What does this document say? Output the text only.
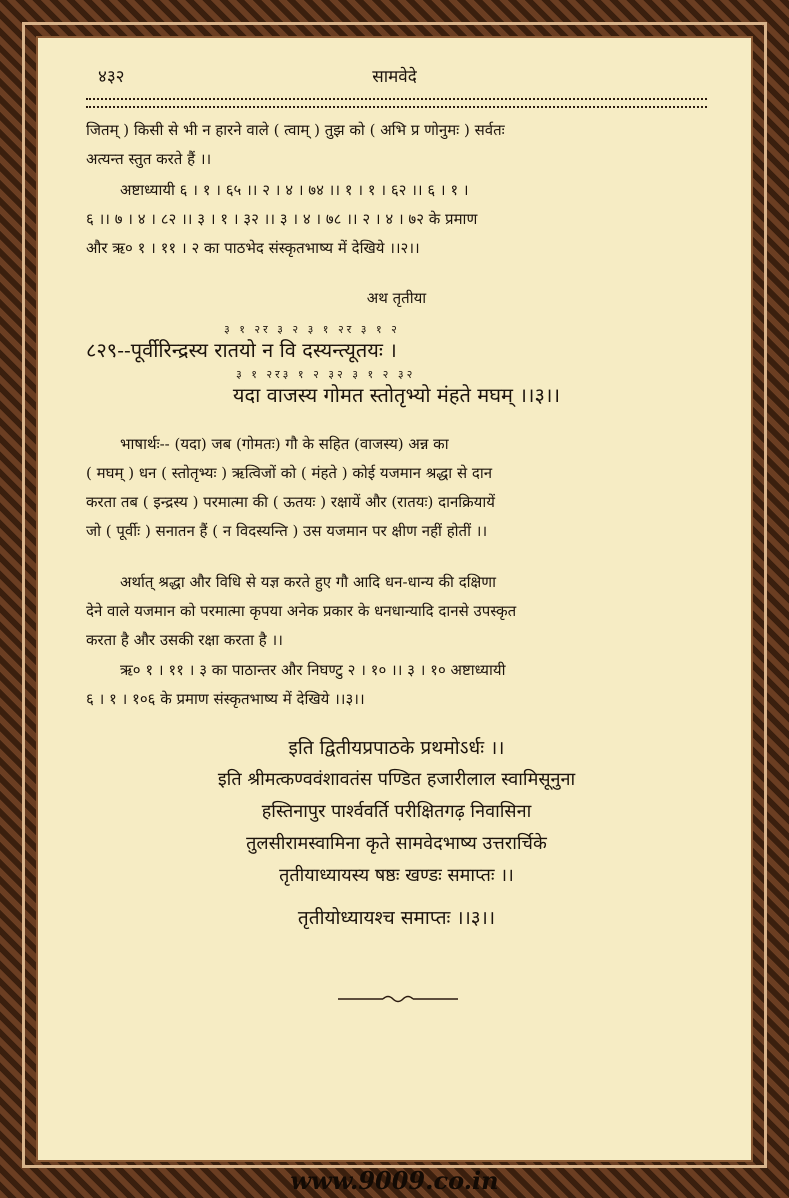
४३२	सामवेदे

जितम् ) किसी से भी न हारने वाले ( त्वाम् ) तुझ को ( अभि प्र णोनुमः ) सर्वतः

अत्यन्त स्तुत करते हैं ।।

अष्टाध्यायी ६ । १ । ६५ ।। २ । ४ । ७४ ।। १ । १ । ६२ ।। ६ । १ ।

६ ।। ७ । ४ । ८२ ।। ३ । १ । ३२ ।। ३ । ४ । ७८ ।। २ । ४ । ७२ के प्रमाण

और ऋ० १ । ११ । २ का पाठभेद संस्कृतभाष्य में देखिये ।।२।।

अथ तृतीया

३ १ २र ३ २ ३ १ २र ३ १ २

८२९--पूर्वीरिन्द्रस्य रातयो न वि दस्यन्त्यूतयः ।

३ १ २र३ १ २ ३२ ३ १ २ ३२

यदा वाजस्य गोमत स्तोतृभ्यो मंहते मघम् ।।३।।

भाषार्थः-- (यदा) जब (गोमतः) गौ के सहित (वाजस्य) अन्न का

( मघम् ) धन ( स्तोतृभ्यः ) ऋत्विजों को ( मंहते ) कोई यजमान श्रद्धा से दान

करता तब ( इन्द्रस्य ) परमात्मा की ( ऊतयः ) रक्षायें और (रातयः) दानक्रियायें

जो ( पूर्वीः ) सनातन हैं ( न विदस्यन्ति ) उस यजमान पर क्षीण नहीं होतीं ।।

अर्थात् श्रद्धा और विधि से यज्ञ करते हुए गौ आदि धन-धान्य की दक्षिणा

देने वाले यजमान को परमात्मा कृपया अनेक प्रकार के धनधान्यादि दानसे उपस्कृत

करता है और उसकी रक्षा करता है ।।

ऋ० १ । ११ । ३ का पाठान्तर और निघण्टु २ । १० ।। ३ । १० अष्टाध्यायी

६ । १ । १०६ के प्रमाण संस्कृतभाष्य में देखिये ।।३।।

इति द्वितीयप्रपाठके प्रथमोऽर्धः ।।

इति श्रीमत्कण्ववंशावतंस पण्डित हजारीलाल स्वामिसूनुना

हस्तिनापुर पार्श्ववर्ति परीक्षितगढ़ निवासिना

तुलसीरामस्वामिना कृते सामवेदभाष्य उत्तरार्चिके

तृतीयाध्यायस्य षष्ठः खण्डः समाप्तः ।।

तृतीयोध्यायश्च समाप्तः ।।३।।

www.9009.co.in
